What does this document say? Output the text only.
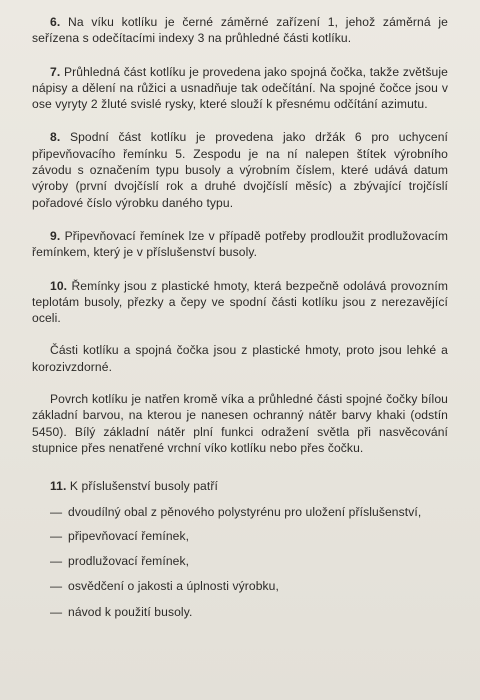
6. Na víku kotlíku je černé záměrné zařízení 1, jehož záměrná je seřízena s odečítacími indexy 3 na průhledné části kotlíku.

7. Průhledná část kotlíku je provedena jako spojná čočka, takže zvětšuje nápisy a dělení na růžici a usnadňuje tak odečítání. Na spojné čočce jsou v ose vyryty 2 žluté svislé rysky, které slouží k přesnému odčítání azimutu.

8. Spodní část kotlíku je provedena jako držák 6 pro uchycení připevňovacího řemínku 5. Zespodu je na ní nalepen štítek výrobního závodu s označením typu busoly a výrobním číslem, které udává datum výroby (první dvojčíslí rok a druhé dvojčíslí měsíc) a zbývající trojčíslí pořadové číslo výrobku daného typu.

9. Připevňovací řemínek lze v případě potřeby prodloužit prodlužovacím řemínkem, který je v příslušenství busoly.

10. Řemínky jsou z plastické hmoty, která bezpečně odolává provozním teplotám busoly, přezky a čepy ve spodní části kotlíku jsou z nerezavějící oceli.

Části kotlíku a spojná čočka jsou z plastické hmoty, proto jsou lehké a korozivzdorné.

Povrch kotlíku je natřen kromě víka a průhledné části spojné čočky bílou základní barvou, na kterou je nanesen ochranný nátěr barvy khaki (odstín 5450). Bílý základní nátěr plní funkci odražení světla při nasvěcování stupnice přes nenatřené vrchní víko kotlíku nebo přes čočku.

11. K příslušenství busoly patří

— dvoudílný obal z pěnového polystyrénu pro uložení příslušenství,
— připevňovací řemínek,
— prodlužovací řemínek,
— osvědčení o jakosti a úplnosti výrobku,
— návod k použití busoly.
